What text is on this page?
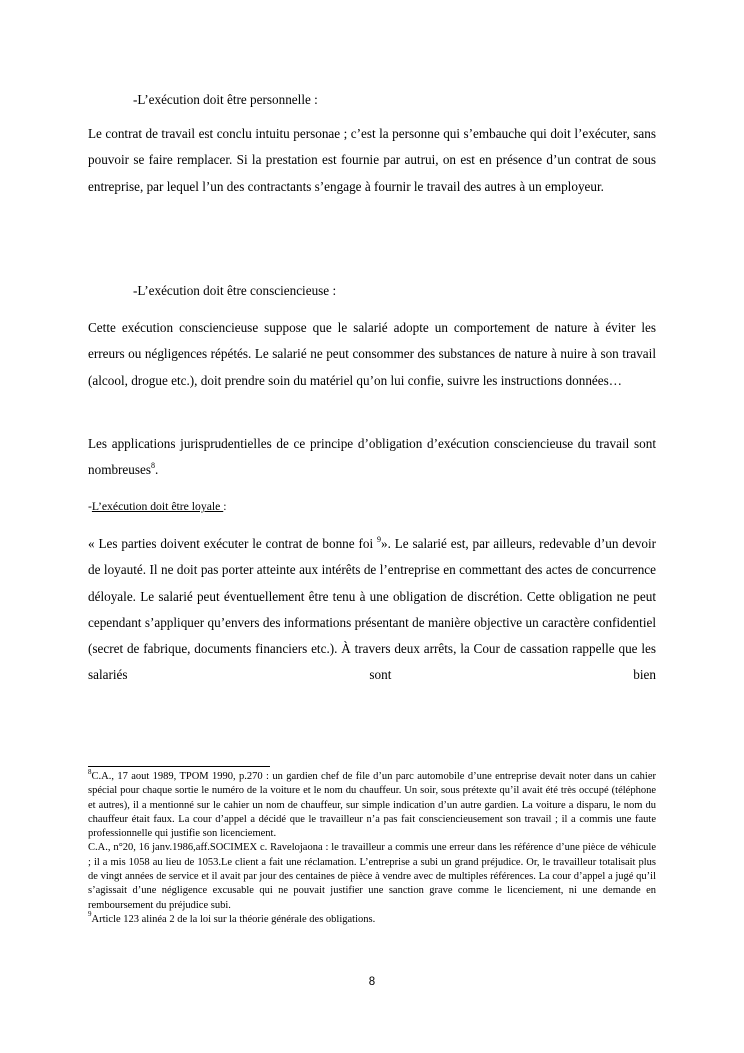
-L’exécution doit être personnelle :

Le contrat de travail est conclu intuitu personae ; c’est la personne qui s’embauche qui doit l’exécuter, sans pouvoir se faire remplacer. Si la prestation est fournie par autrui, on est en présence d’un contrat de sous entreprise, par lequel l’un des contractants s’engage à fournir le travail des autres à un employeur.

-L’exécution doit être consciencieuse :

Cette exécution consciencieuse suppose que le salarié adopte un comportement de nature à éviter les erreurs ou négligences répétés. Le salarié ne peut consommer des substances de nature à nuire à son travail (alcool, drogue etc.), doit prendre soin du matériel qu’on lui confie, suivre les instructions données…

Les applications jurisprudentielles de ce principe d’obligation d’exécution consciencieuse du travail sont nombreuses$^8$.

-L’exécution doit être loyale :

« Les parties doivent exécuter le contrat de bonne foi $^9$». Le salarié est, par ailleurs, redevable d’un devoir de loyauté. Il ne doit pas porter atteinte aux intérêts de l’entreprise en commettant des actes de concurrence déloyale. Le salarié peut éventuellement être tenu à une obligation de discrétion. Cette obligation ne peut cependant s’appliquer qu’envers des informations présentant de manière objective un caractère confidentiel (secret de fabrique, documents financiers etc.). À travers deux arrêts, la Cour de cassation rappelle que les salariés sont bien

$^8$C.A., 17 aout 1989, TPOM 1990, p.270 : un gardien chef de file d’un parc automobile d’une entreprise devait noter dans un cahier spécial pour chaque sortie le numéro de la voiture et le nom du chauffeur. Un soir, sous prétexte qu’il avait été très occupé (téléphone et autres), il a mentionné sur le cahier un nom de chauffeur, sur simple indication d’un autre gardien. La voiture a disparu, le nom du chauffeur était faux. La cour d’appel a décidé que le travailleur n’a pas fait consciencieusement son travail ; il a commis une faute professionnelle qui justifie son licenciement.

C.A., n°20, 16 janv.1986,aff.SOCIMEX c. Ravelojaona : le travailleur a commis une erreur dans les référence d’une pièce de véhicule ; il a mis 1058 au lieu de 1053.Le client a fait une réclamation. L’entreprise a subi un grand préjudice. Or, le travailleur totalisait plus de vingt années de service et il avait par jour des centaines de pièce à vendre avec de multiples références. La cour d’appel a jugé qu’il s’agissait d’une négligence excusable qui ne pouvait justifier une sanction grave comme le licenciement, ni une demande en remboursement du préjudice subi.

$^9$Article 123 alinéa 2 de la loi sur la théorie générale des obligations.

8
